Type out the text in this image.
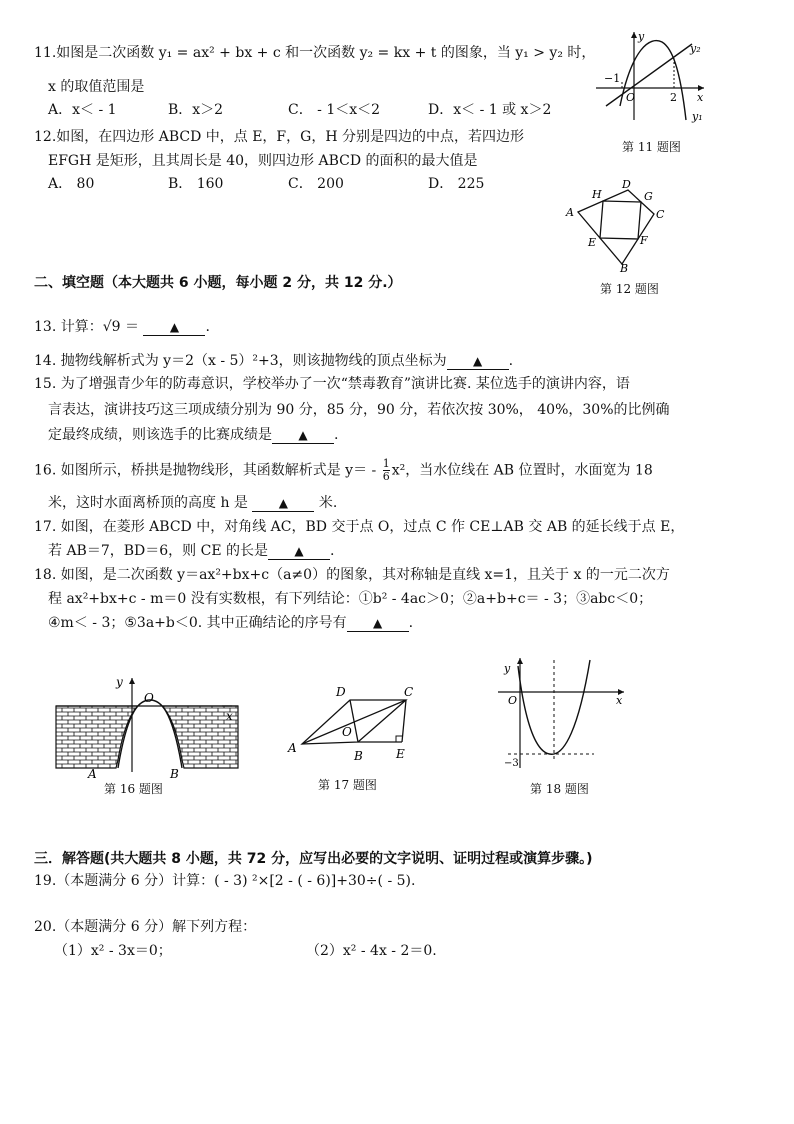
11.如图是二次函数 y₁ = ax² + bx + c 和一次函数 y₂ = kx + t 的图象，当 y₁ > y₂ 时，
x 的取值范围是
A．x＜ - 1	B．x＞2	C． - 1＜x＜2	D．x＜ - 1 或 x＞2
12.如图，在四边形 ABCD 中，点 E，F，G，H 分别是四边的中点，若四边形
EFGH 是矩形，且其周长是 40，则四边形 ABCD 的面积的最大值是
A． 80	B． 160	C． 200	D． 225
y
x
O
−1
2
y₂
y₁
第 11 题图
A
D
C
B
H	G
F
E
第 12 题图
二、填空题（本大题共 6 小题，每小题 2 分，共 12 分.）
13. 计算：√9 ＝	▲ .
14. 抛物线解析式为 y＝2（x - 5）²+3，则该抛物线的顶点坐标为 ▲ .
15. 为了增强青少年的防毒意识，学校举办了一次“禁毒教育”演讲比赛. 某位选手的演讲内容，语
言表达，演讲技巧这三项成绩分别为 90 分，85 分，90 分，若依次按 30%， 40%，30%的比例确
定最终成绩，则该选手的比赛成绩是 ▲ .
16. 如图所示，桥拱是抛物线形，其函数解析式是 $y= - \frac{1}{6} x^2$，当水位线在 AB 位置时，水面宽为 18
米，这时水面离桥顶的高度 h 是	▲ 米.
17. 如图，在菱形 ABCD 中，对角线 AC，BD 交于点 O，过点 C 作 CE⊥AB 交 AB 的延长线于点 E，
若 AB＝7，BD＝6，则 CE 的长是 ▲ .
18. 如图，是二次函数 y＝ax²+bx+c（a≠0）的图象，其对称轴是直线 x=1，且关于 x 的一元二次方
程 ax²+bx+c - m＝0 没有实数根，有下列结论：①b² - 4ac＞0；②a+b+c＝ - 3；③abc＜0；
④m＜ - 3；⑤3a+b＜0. 其中正确结论的序号有 ▲ .
y
O
x
A	B
第 16 题图
A
B
C
D
E
O
第 17 题图
y
O	x
−3
第 18 题图
三．解答题(共大题共 8 小题，共 72 分，应写出必要的文字说明、证明过程或演算步骤。)
19.（本题满分 6 分）计算：( - 3) ²×[2 - ( - 6)]+30÷( - 5).
20.（本题满分 6 分）解下列方程：
（1）x² - 3x＝0；	（2）x² - 4x - 2＝0.
